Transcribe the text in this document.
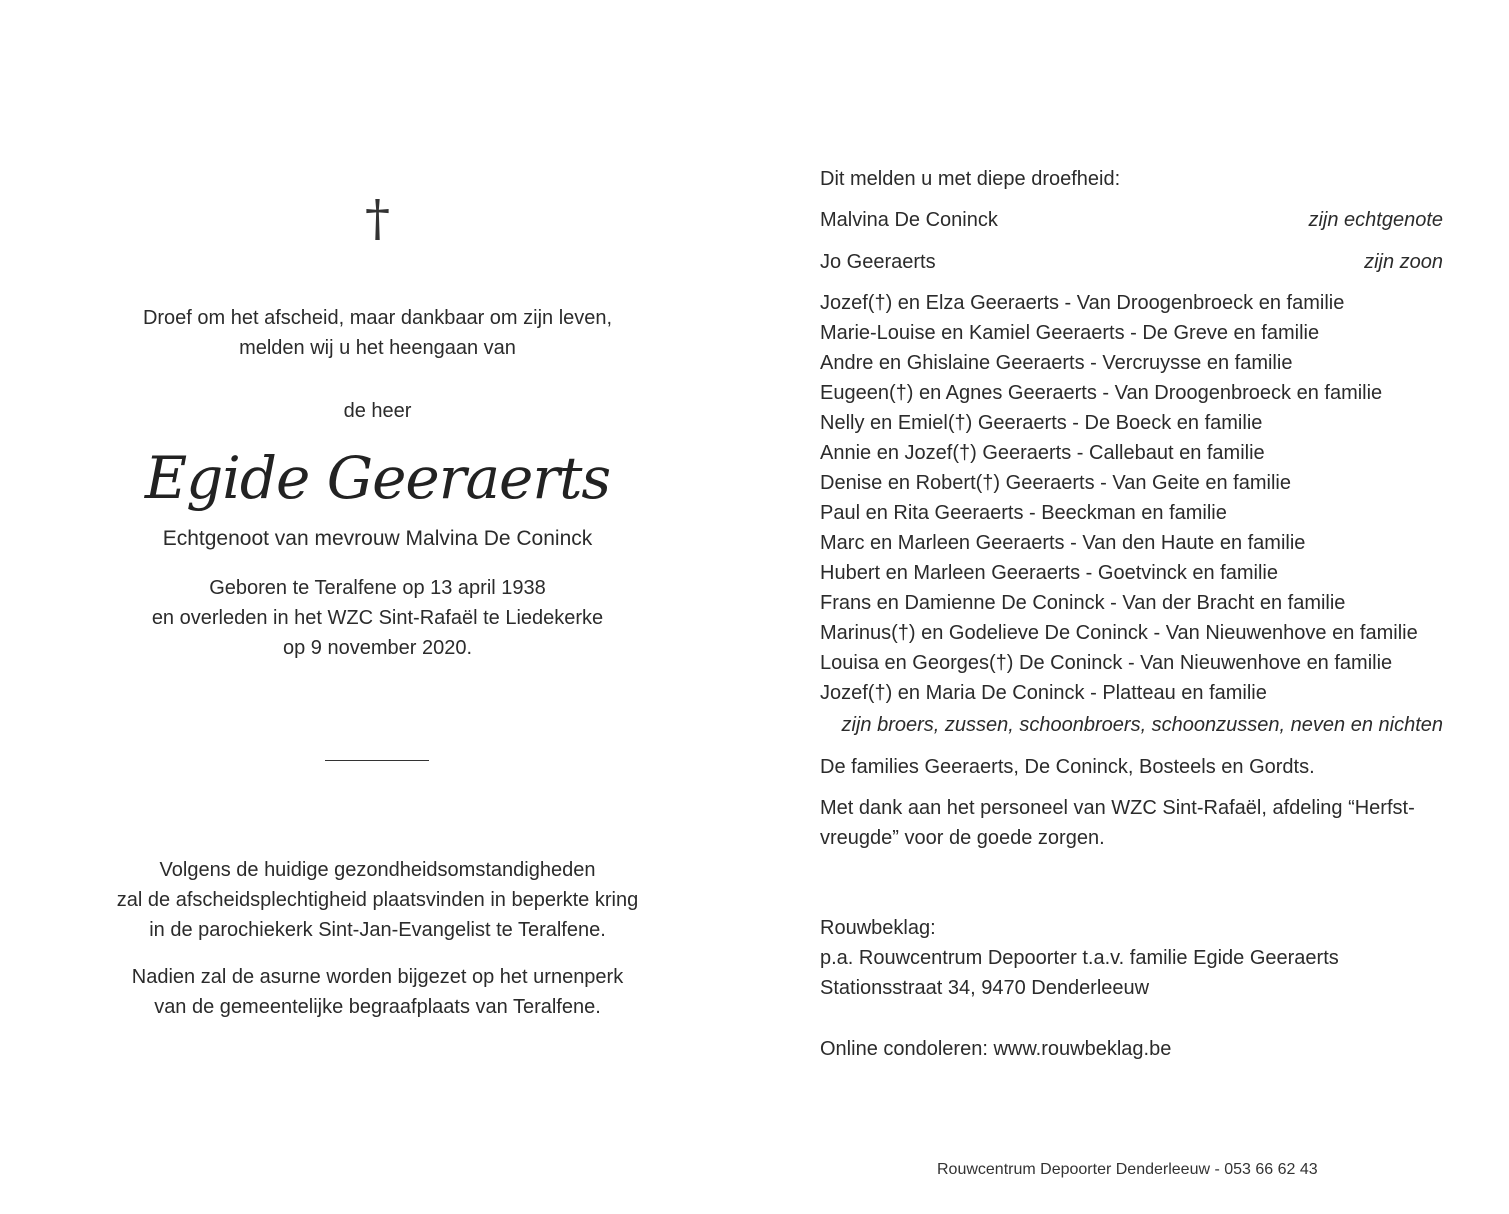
†
Droef om het afscheid, maar dankbaar om zijn leven,
melden wij u het heengaan van
de heer
Egide Geeraerts
Echtgenoot van mevrouw Malvina De Coninck
Geboren te Teralfene op 13 april 1938
en overleden in het WZC Sint-Rafaël te Liedekerke
op 9 november 2020.
Volgens de huidige gezondheidsomstandigheden
zal de afscheidsplechtigheid plaatsvinden in beperkte kring
in de parochiekerk Sint-Jan-Evangelist te Teralfene.
Nadien zal de asurne worden bijgezet op het urnenperk
van de gemeentelijke begraafplaats van Teralfene.
Dit melden u met diepe droefheid:
Malvina De Coninck	zijn echtgenote
Jo Geeraerts	zijn zoon
Jozef(†) en Elza Geeraerts - Van Droogenbroeck en familie
Marie-Louise en Kamiel Geeraerts - De Greve en familie
Andre en Ghislaine Geeraerts - Vercruysse en familie
Eugeen(†) en Agnes Geeraerts - Van Droogenbroeck en familie
Nelly en Emiel(†) Geeraerts - De Boeck en familie
Annie en Jozef(†) Geeraerts - Callebaut en familie
Denise en Robert(†) Geeraerts - Van Geite en familie
Paul en Rita Geeraerts - Beeckman en familie
Marc en Marleen Geeraerts - Van den Haute en familie
Hubert en Marleen Geeraerts - Goetvinck en familie
Frans en Damienne De Coninck - Van der Bracht en familie
Marinus(†) en Godelieve De Coninck - Van Nieuwenhove en familie
Louisa en Georges(†) De Coninck - Van Nieuwenhove en familie
Jozef(†) en Maria De Coninck - Platteau en familie
zijn broers, zussen, schoonbroers, schoonzussen, neven en nichten
De families Geeraerts, De Coninck, Bosteels en Gordts.
Met dank aan het personeel van WZC Sint-Rafaël, afdeling “Herfst-
vreugde” voor de goede zorgen.
Rouwbeklag:
p.a. Rouwcentrum Depoorter t.a.v. familie Egide Geeraerts
Stationsstraat 34, 9470 Denderleeuw
Online condoleren: www.rouwbeklag.be
Rouwcentrum Depoorter Denderleeuw - 053 66 62 43
